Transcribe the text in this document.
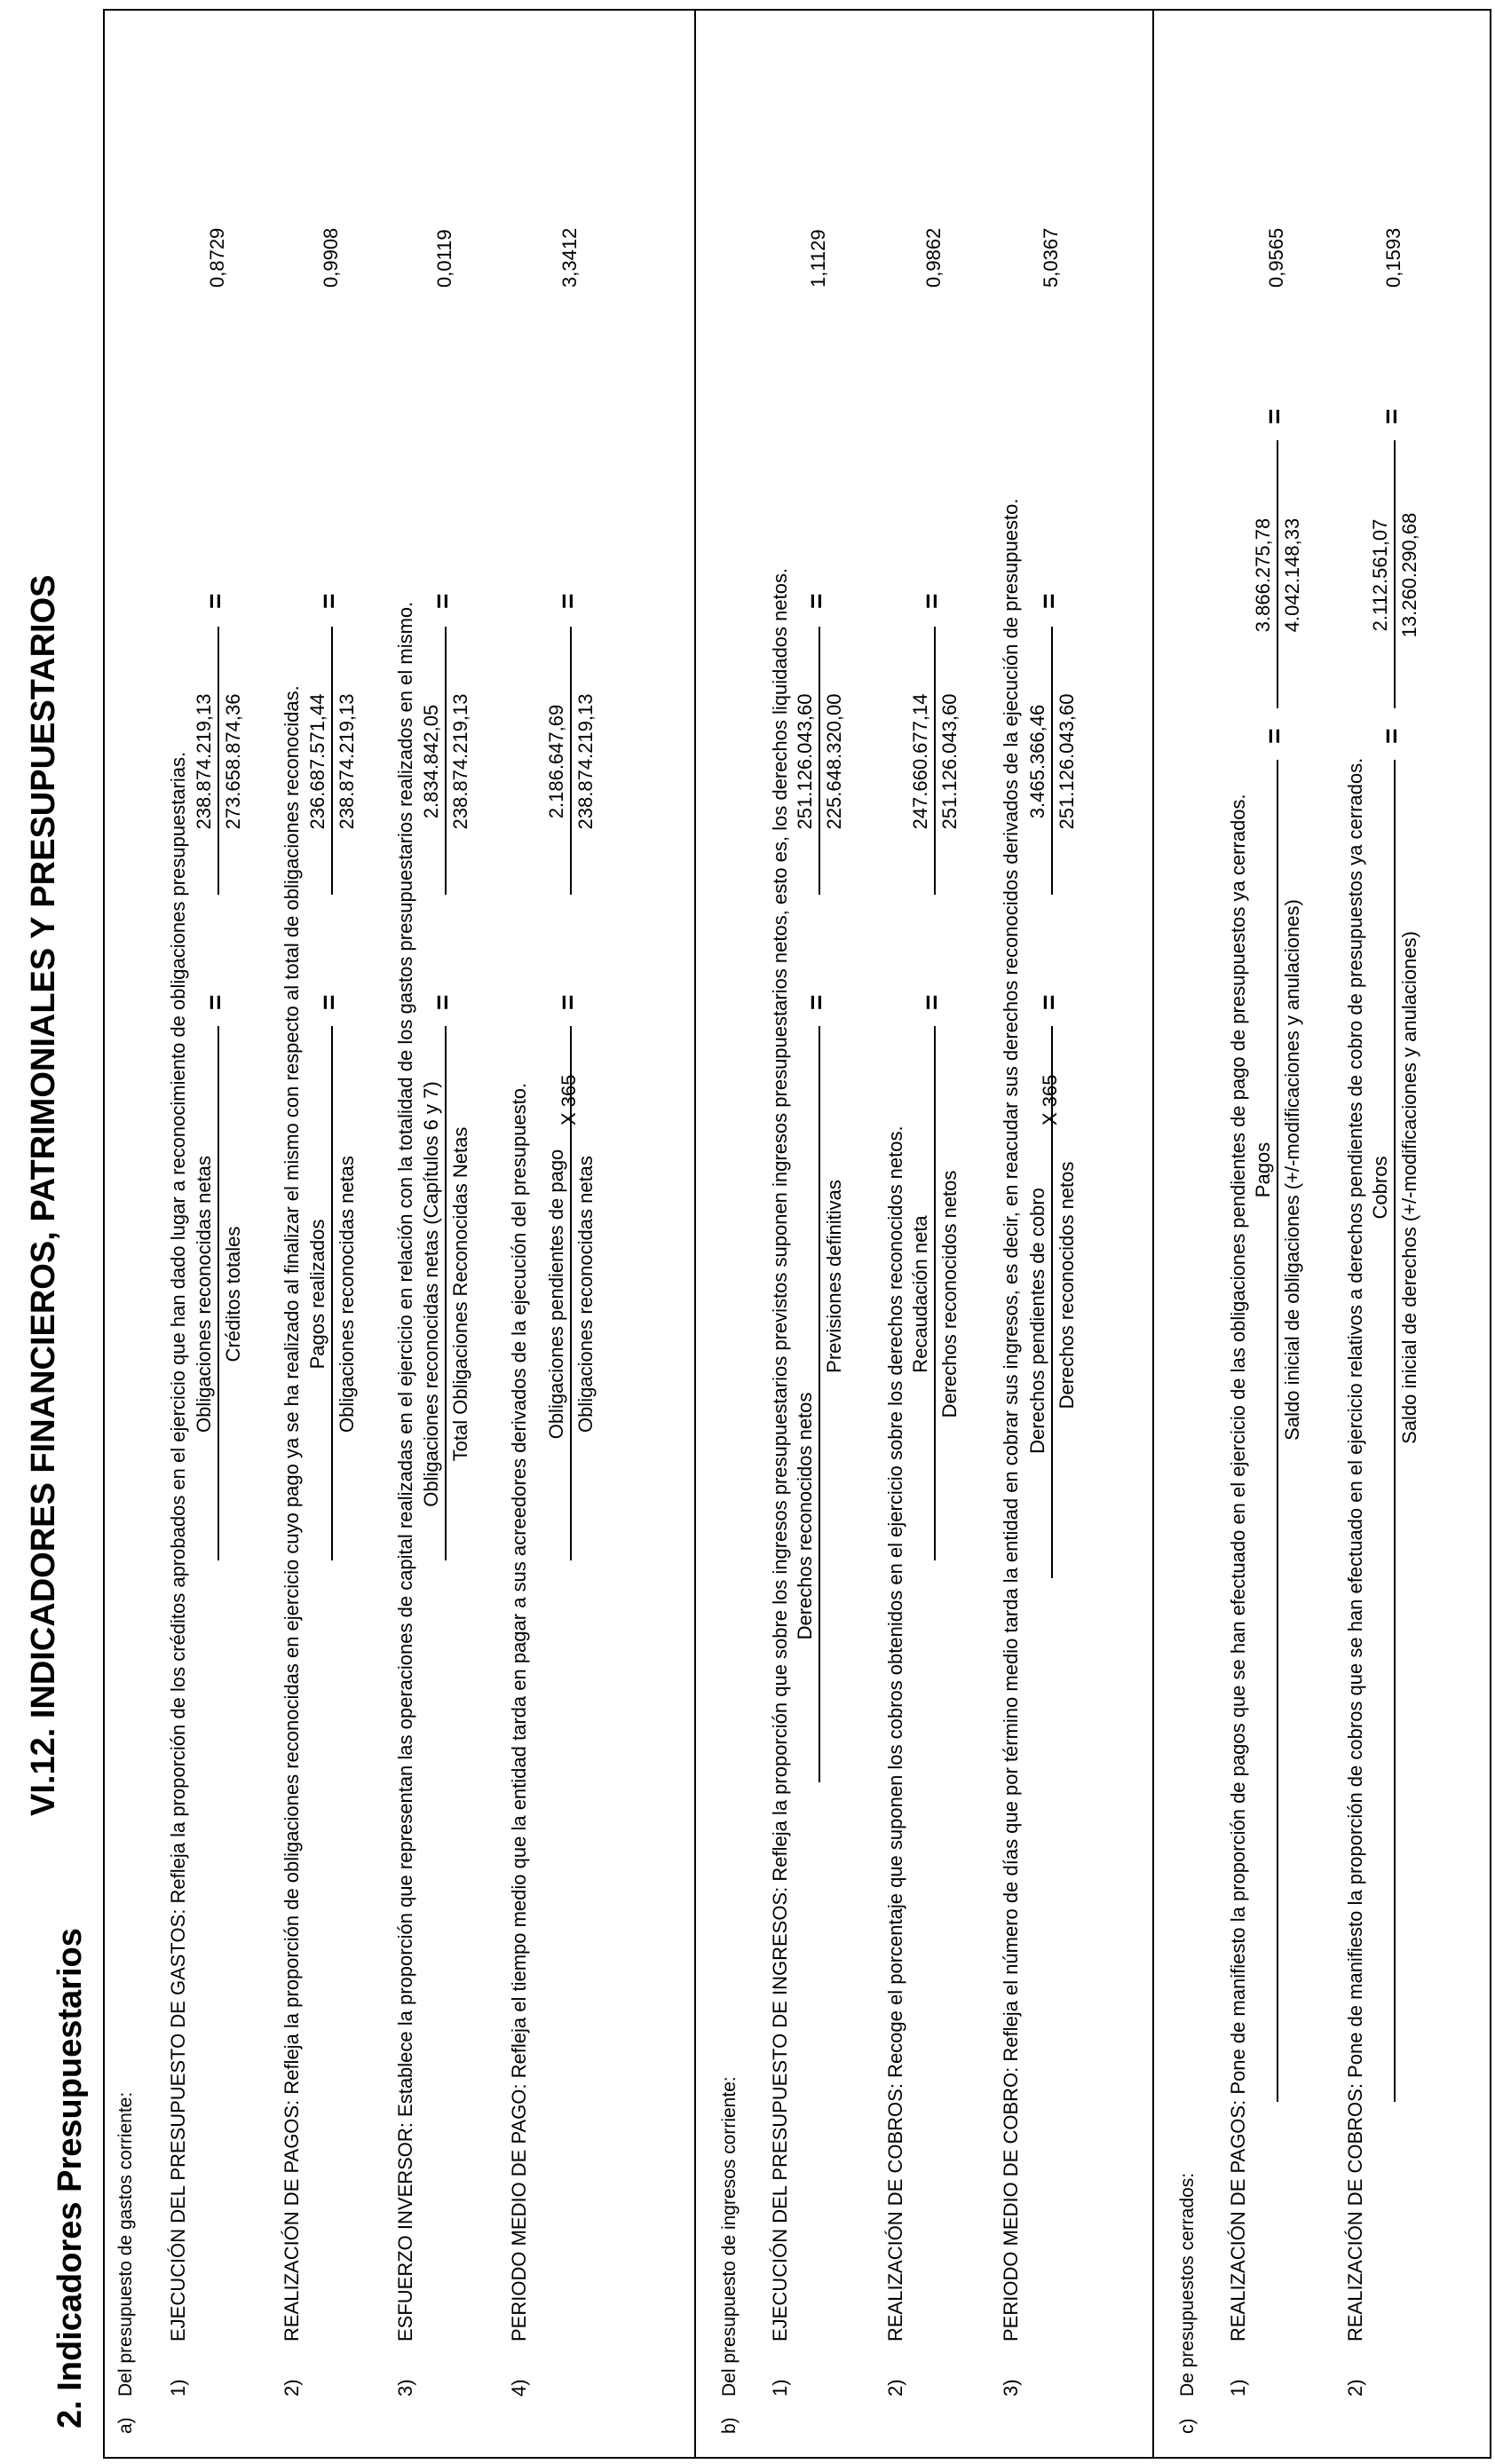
VI.12. INDICADORES FINANCIEROS, PATRIMONIALES Y PRESUPUESTARIOS
2. Indicadores Presupuestarios a)
Del presupuesto de gastos corriente: 1)
EJECUCIÓN DEL PRESUPUESTO DE GASTOS: Refleja la proporción de los créditos aprobados en el ejercicio que han dado lugar a reconocimiento de obligaciones presupuestarias. Obligaciones reconocidas netas Créditos totales
=
238.874.219,13 273.658.874,36
=
0,8729
2)
REALIZACIÓN DE PAGOS: Refleja la proporción de obligaciones reconocidas en ejercicio cuyo pago ya se ha realizado al finalizar el mismo con respecto al total de obligaciones reconocidas. Pagos realizados Obligaciones reconocidas netas
=
236.687.571,44 238.874.219,13
=
0,9908
3)
ESFUERZO INVERSOR: Establece la proporción que representan las operaciones de capital realizadas en el ejercicio en relación con la totalidad de los gastos presupuestarios realizados en el mismo. Obligaciones reconocidas netas (Capítulos 6 y 7) Total Obligaciones Reconocidas Netas
=
2.834.842,05 238.874.219,13
=
0,0119
4)
PERIODO MEDIO DE PAGO: Refleja el tiempo medio que la entidad tarda en pagar a sus acreedores derivados de la ejecución del presupuesto. Obligaciones pendientes de pago Obligaciones reconocidas netas
X 365
=
2.186.647,69 238.874.219,13
=
3,3412
b)
Del presupuesto de ingresos corriente: 1)
EJECUCIÓN DEL PRESUPUESTO DE INGRESOS: Refleja la proporción que sobre los ingresos presupuestarios previstos suponen ingresos presupuestarios netos, esto es, los derechos liquidados netos. Derechos reconocidos netos
Previsiones definitivas
=
251.126.043,60 225.648.320,00
=
1,1129
2)
REALIZACIÓN DE COBROS: Recoge el porcentaje que suponen los cobros obtenidos en el ejercicio sobre los derechos reconocidos netos. Recaudación neta Derechos reconocidos netos
=
247.660.677,14 251.126.043,60
=
0,9862
3)
PERIODO MEDIO DE COBRO: Refleja el número de días que por término medio tarda la entidad en cobrar sus ingresos, es decir, en reacudar sus derechos reconocidos derivados de la ejecución de presupuesto. Derechos pendientes de cobro Derechos reconocidos netos
X 365
=
3.465.366,46 251.126.043,60
=
5,0367
c)
De presupuestos cerrados: 1)
REALIZACIÓN DE PAGOS: Pone de manifiesto la proporción de pagos que se han efectuado en el ejercicio de las obligaciones pendientes de pago de presupuestos ya cerrados. Pagos Saldo inicial de obligaciones (+/-modificaciones y anulaciones)
=
3.866.275,78 4.042.148,33
=
0,9565
2)
REALIZACIÓN DE COBROS: Pone de manifiesto la proporción de cobros que se han efectuado en el ejercicio relativos a derechos pendientes de cobro de presupuestos ya cerrados. Cobros Saldo inicial de derechos (+/-modificaciones y anulaciones)
=
2.112.561,07 13.260.290,68
=
0,1593
